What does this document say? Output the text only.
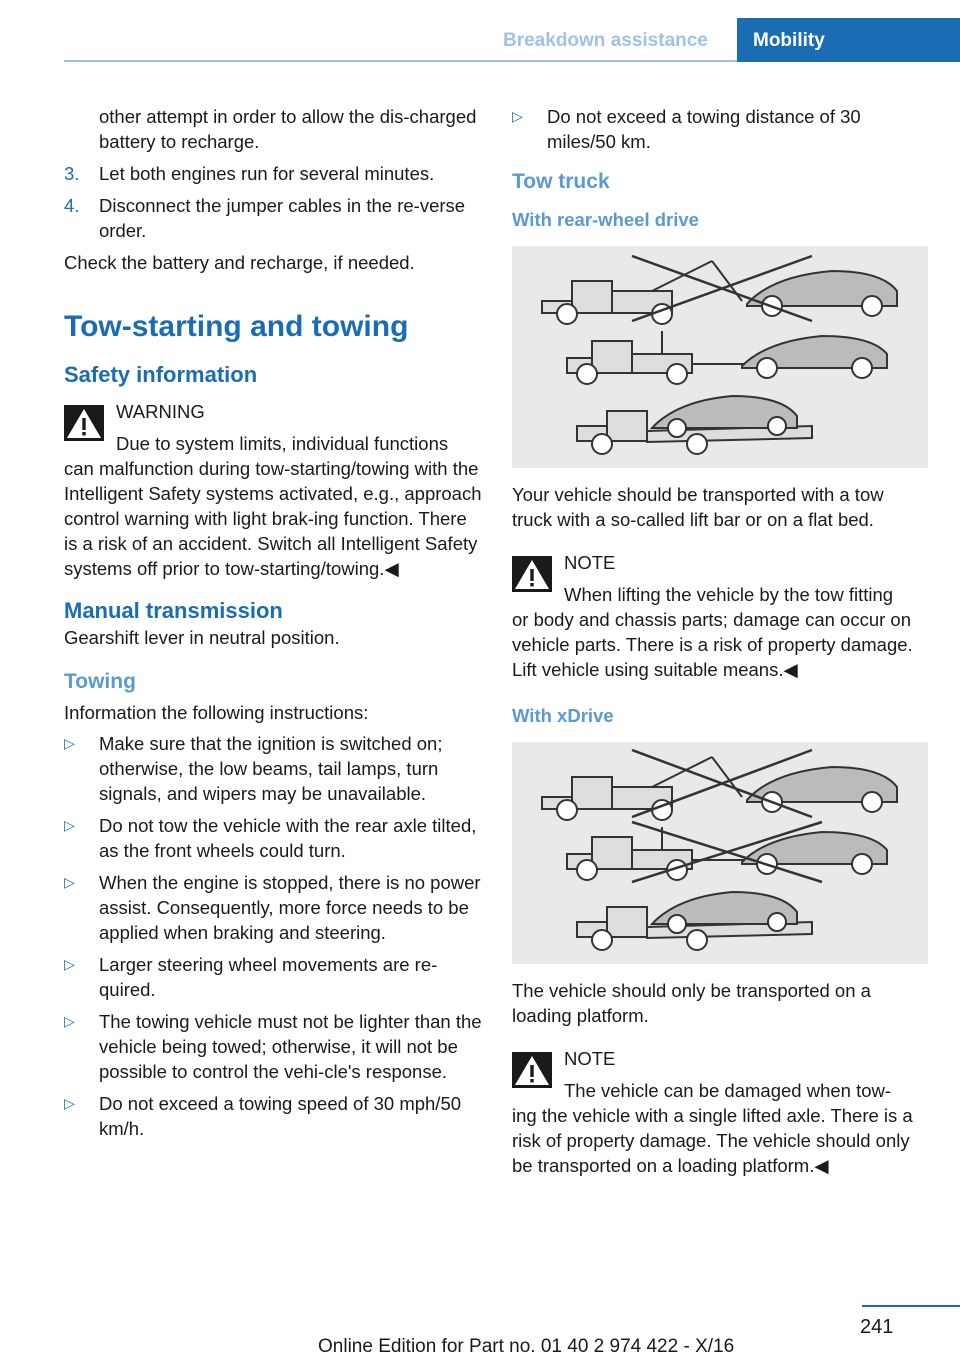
Breakdown assistance Mobility
other attempt in order to allow the dis-charged battery to recharge.
3. Let both engines run for several minutes.
4. Disconnect the jumper cables in the re-verse order.

Check the battery and recharge, if needed.

Tow-starting and towing
Safety information
WARNING
Due to system limits, individual functions
can malfunction during tow-starting/towing with the Intelligent Safety systems activated, e.g., approach control warning with light brak-ing function. There is a risk of an accident. Switch all Intelligent Safety systems off prior to tow-starting/towing.◀
Manual transmission

Gearshift lever in neutral position.

Towing

Information the following instructions:

▷ Make sure that the ignition is switched on; otherwise, the low beams, tail lamps, turn signals, and wipers may be unavailable.
▷ Do not tow the vehicle with the rear axle tilted, as the front wheels could turn.
▷ When the engine is stopped, there is no power assist. Consequently, more force needs to be applied when braking and steering.
▷ Larger steering wheel movements are re-quired.
▷ The towing vehicle must not be lighter than the vehicle being towed; otherwise, it will not be possible to control the vehi-cle's response.
▷ Do not exceed a towing speed of 30 mph/50 km/h.
▷ Do not exceed a towing distance of 30 miles/50 km.
Tow truck
With rear-wheel drive

Your vehicle should be transported with a tow truck with a so-called lift bar or on a flat bed.

NOTE
When lifting the vehicle by the tow fitting
or body and chassis parts; damage can occur on vehicle parts. There is a risk of property damage. Lift vehicle using suitable means.◀
With xDrive

The vehicle should only be transported on a loading platform.

NOTE
The vehicle can be damaged when tow-
ing the vehicle with a single lifted axle. There is a risk of property damage. The vehicle should only be transported on a loading platform.◀
241
Online Edition for Part no. 01 40 2 974 422 - X/16
